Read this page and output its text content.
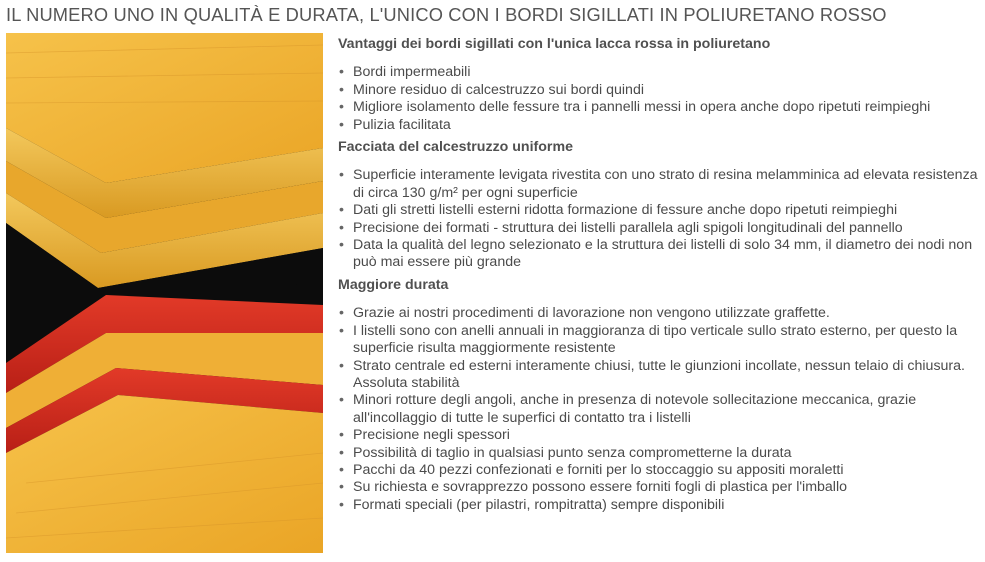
IL NUMERO UNO IN QUALITÀ E DURATA, L'UNICO CON I BORDI SIGILLATI IN POLIURETANO ROSSO
Vantaggi dei bordi sigillati con l'unica lacca rossa in poliuretano
• Bordi impermeabili
• Minore residuo di calcestruzzo sui bordi quindi
• Migliore isolamento delle fessure tra i pannelli messi in opera anche dopo ripetuti reimpieghi
• Pulizia facilitata
Facciata del calcestruzzo uniforme
• Superficie interamente levigata rivestita con uno strato di resina melamminica ad elevata resistenza di circa 130 g/m² per ogni superficie
• Dati gli stretti listelli esterni ridotta formazione di fessure anche dopo ripetuti reimpieghi
• Precisione dei formati - struttura dei listelli parallela agli spigoli longitudinali del pannello
• Data la qualità del legno selezionato e la struttura dei listelli di solo 34 mm, il diametro dei nodi non può mai essere più grande
Maggiore durata
• Grazie ai nostri procedimenti di lavorazione non vengono utilizzate graffette.
• I listelli sono con anelli annuali in maggioranza di tipo verticale sullo strato esterno, per questo la superficie risulta maggiormente resistente
• Strato centrale ed esterni interamente chiusi, tutte le giunzioni incollate, nessun telaio di chiusura. Assoluta stabilità
• Minori rotture degli angoli, anche in presenza di notevole sollecitazione meccanica, grazie all'incollaggio di tutte le superfici di contatto tra i listelli
• Precisione negli spessori
• Possibilità di taglio in qualsiasi punto senza comprometterne la durata
• Pacchi da 40 pezzi confezionati e forniti per lo stoccaggio su appositi moraletti
• Su richiesta e sovrapprezzo possono essere forniti fogli di plastica per l'imballo
• Formati speciali (per pilastri, rompitratta) sempre disponibili
